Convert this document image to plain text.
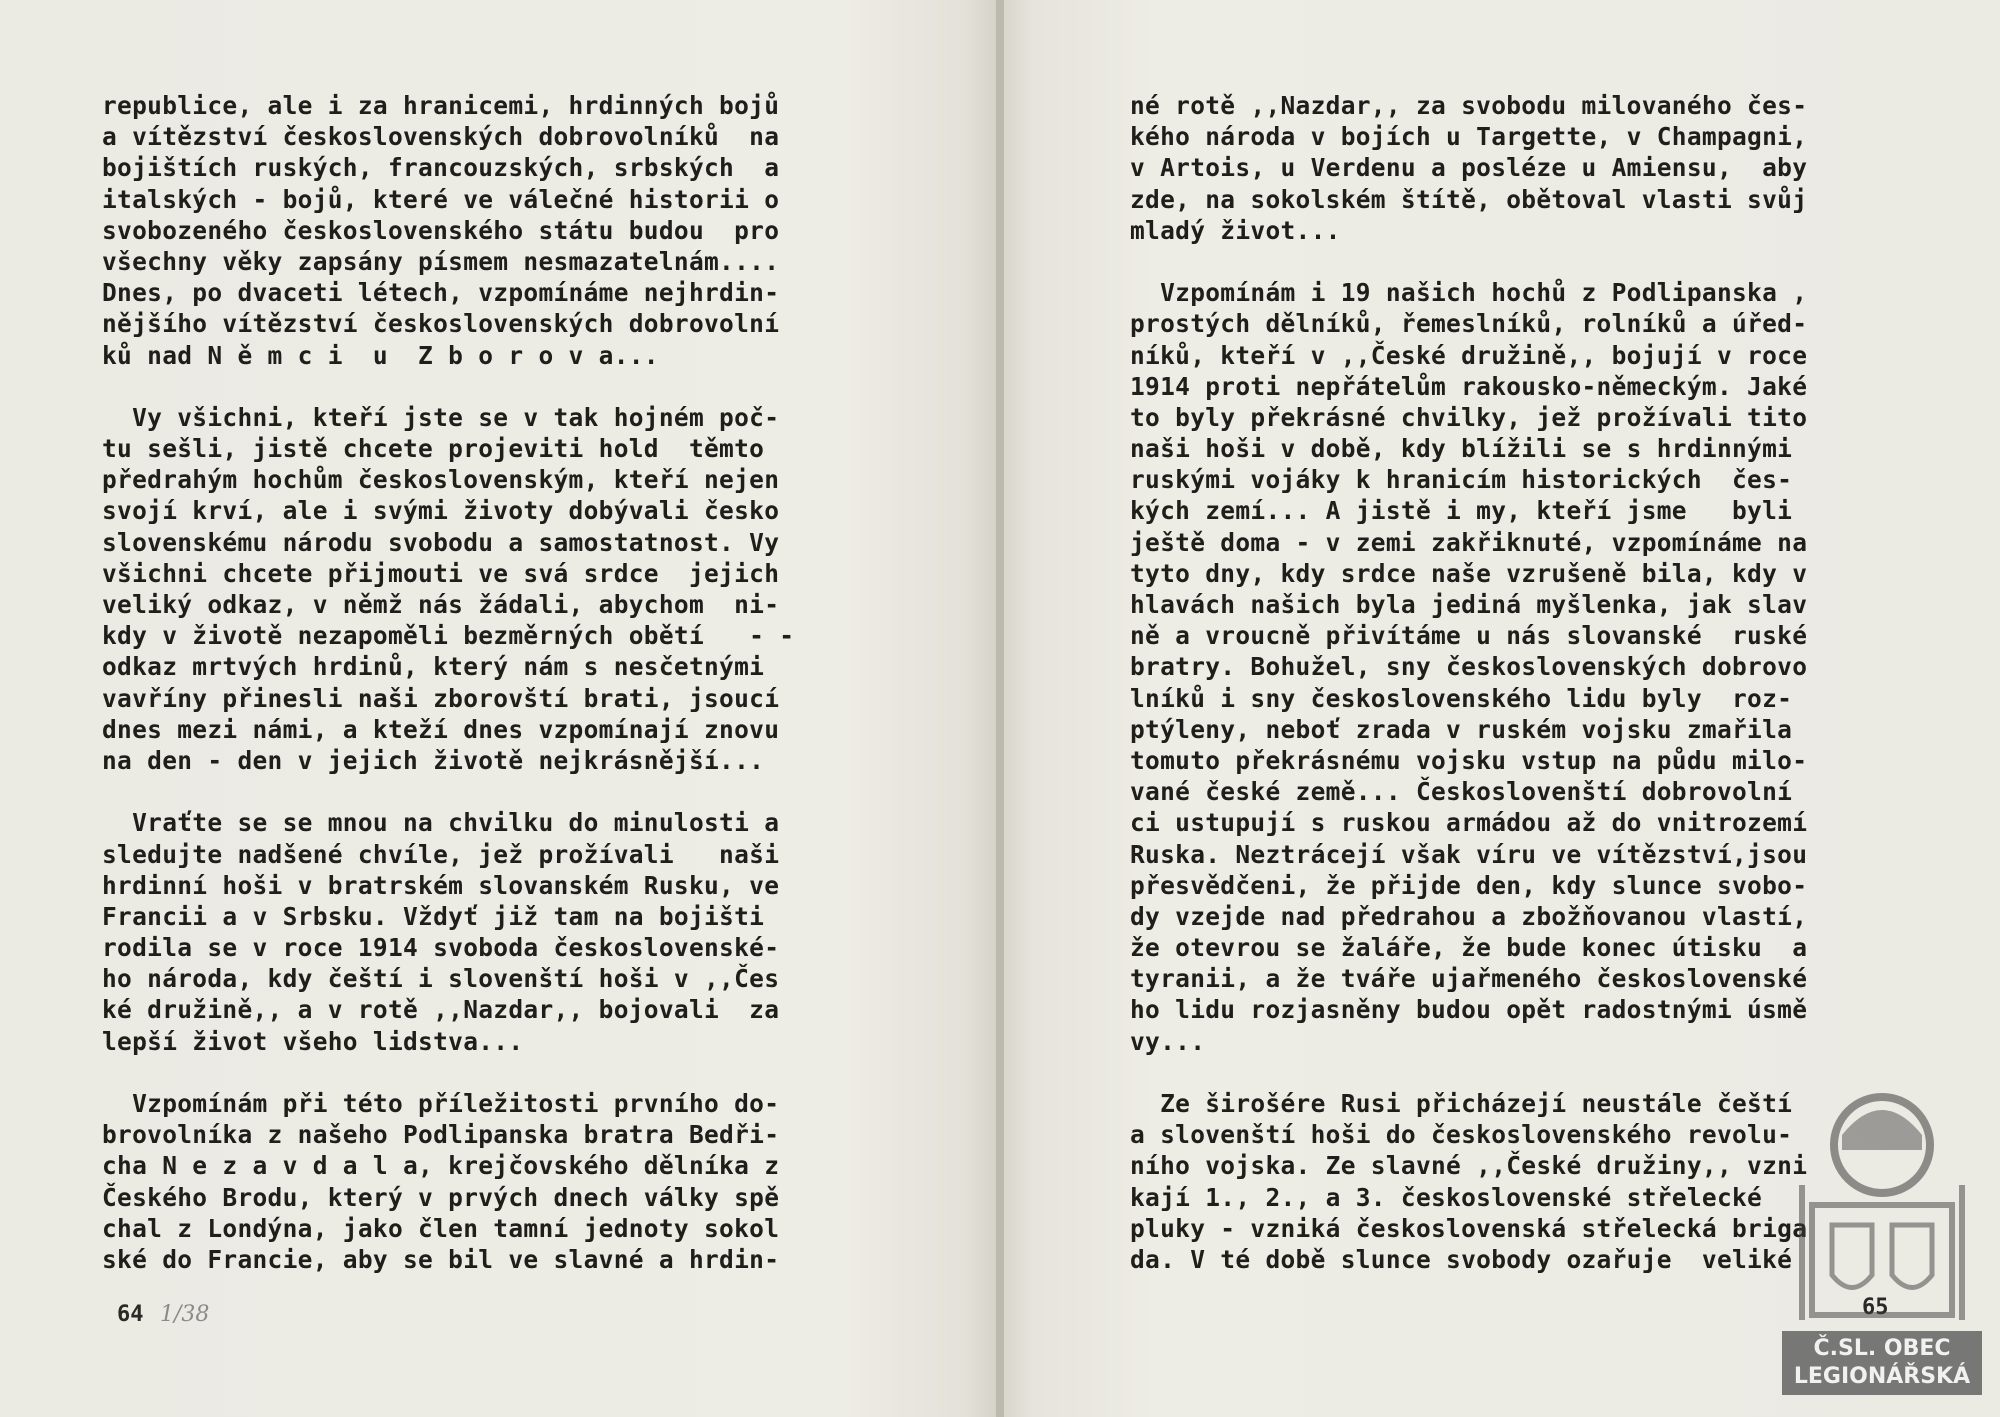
republice, ale i za hranicemi, hrdinných bojů
a vítězství československých dobrovolníků  na
bojištích ruských, francouzských, srbských  a
italských - bojů, které ve válečné historii o
svobozeného československého státu budou  pro
všechny věky zapsány písmem nesmazatelnám....
Dnes, po dvaceti létech, vzpomínáme nejhrdin-
nějšího vítězství československých dobrovolní
ků nad N ě m c i  u  Z b o r o v a...
Vy všichni, kteří jste se v tak hojném poč-
tu sešli, jistě chcete projeviti hold  těmto
předrahým hochům československým, kteří nejen
svojí krví, ale i svými životy dobývali česko
slovenskému národu svobodu a samostatnost. Vy
všichni chcete přijmouti ve svá srdce  jejich
veliký odkaz, v němž nás žádali, abychom  ni-
kdy v životě nezapoměli bezměrných obětí   - -
odkaz mrtvých hrdinů, který nám s nesčetnými
vavříny přinesli naši zborovští brati, jsoucí
dnes mezi námi, a kteží dnes vzpomínají znovu
na den - den v jejich životě nejkrásnější...
Vraťte se se mnou na chvilku do minulosti a
sledujte nadšené chvíle, jež prožívali   naši
hrdinní hoši v bratrském slovanském Rusku, ve
Francii a v Srbsku. Vždyť již tam na bojišti
rodila se v roce 1914 svoboda československé-
ho národa, kdy čeští i slovenští hoši v ,,Čes
ké družině,, a v rotě ,,Nazdar,, bojovali  za
lepší život všeho lidstva...
Vzpomínám při této příležitosti prvního do-
brovolníka z našeho Podlipanska bratra Bedři-
cha N e z a v d a l a, krejčovského dělníka z
Českého Brodu, který v prvých dnech války spě
chal z Londýna, jako člen tamní jednoty sokol
ské do Francie, aby se bil ve slavné a hrdin-
64 1/38
né rotě ,,Nazdar,, za svobodu milovaného čes-
kého národa v bojích u Targette, v Champagni,
v Artois, u Verdenu a posléze u Amiensu,  aby
zde, na sokolském štítě, obětoval vlasti svůj
mladý život...
Vzpomínám i 19 našich hochů z Podlipanska ,
prostých dělníků, řemeslníků, rolníků a úřed-
níků, kteří v ,,České družině,, bojují v roce
1914 proti nepřátelům rakousko-německým. Jaké
to byly překrásné chvilky, jež prožívali tito
naši hoši v době, kdy blížili se s hrdinnými
ruskými vojáky k hranicím historických  čes-
kých zemí... A jistě i my, kteří jsme   byli
ještě doma - v zemi zakřiknuté, vzpomínáme na
tyto dny, kdy srdce naše vzrušeně bila, kdy v
hlavách našich byla jediná myšlenka, jak slav
ně a vroucně přivítáme u nás slovanské  ruské
bratry. Bohužel, sny československých dobrovo
lníků i sny československého lidu byly  roz-
ptýleny, neboť zrada v ruském vojsku zmařila
tomuto překrásnému vojsku vstup na půdu milo-
vané české země... Českoslovenští dobrovolní
ci ustupují s ruskou armádou až do vnitrozemí
Ruska. Neztrácejí však víru ve vítězství,jsou
přesvědčeni, že přijde den, kdy slunce svobo-
dy vzejde nad předrahou a zbožňovanou vlastí,
že otevrou se žaláře, že bude konec útisku  a
tyranii, a že tváře ujařmeného československé
ho lidu rozjasněny budou opět radostnými úsmě
vy...
Ze širošére Rusi přicházejí neustále čeští
a slovenští hoši do československého revolu-
ního vojska. Ze slavné ,,České družiny,, vzni
kají 1., 2., a 3. československé střelecké
pluky - vzniká československá střelecká briga
da. V té době slunce svobody ozařuje  veliké
65
Č.SL. OBEC
LEGIONÁŘSKÁ
